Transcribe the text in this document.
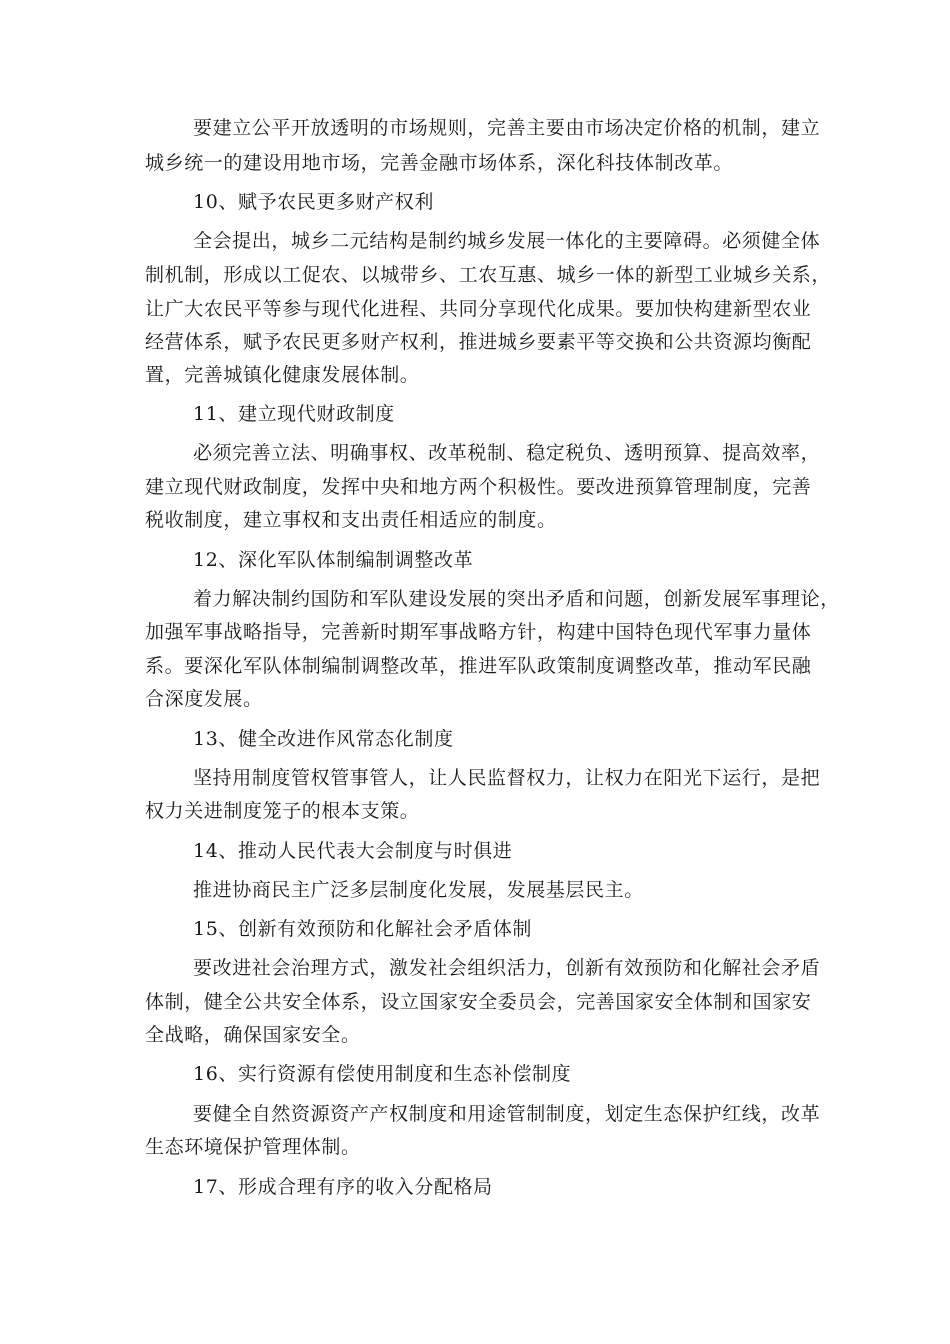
要建立公平开放透明的市场规则，完善主要由市场决定价格的机制，建立
城乡统一的建设用地市场，完善金融市场体系，深化科技体制改革。
10、赋予农民更多财产权利
全会提出，城乡二元结构是制约城乡发展一体化的主要障碍。必须健全体
制机制，形成以工促农、以城带乡、工农互惠、城乡一体的新型工业城乡关系，
让广大农民平等参与现代化进程、共同分享现代化成果。要加快构建新型农业
经营体系，赋予农民更多财产权利，推进城乡要素平等交换和公共资源均衡配
置，完善城镇化健康发展体制。
11、建立现代财政制度
必须完善立法、明确事权、改革税制、稳定税负、透明预算、提高效率，
建立现代财政制度，发挥中央和地方两个积极性。要改进预算管理制度，完善
税收制度，建立事权和支出责任相适应的制度。
12、深化军队体制编制调整改革
着力解决制约国防和军队建设发展的突出矛盾和问题，创新发展军事理论，
加强军事战略指导，完善新时期军事战略方针，构建中国特色现代军事力量体
系。要深化军队体制编制调整改革，推进军队政策制度调整改革，推动军民融
合深度发展。
13、健全改进作风常态化制度
坚持用制度管权管事管人，让人民监督权力，让权力在阳光下运行，是把
权力关进制度笼子的根本支策。
14、推动人民代表大会制度与时俱进
推进协商民主广泛多层制度化发展，发展基层民主。
15、创新有效预防和化解社会矛盾体制
要改进社会治理方式，激发社会组织活力，创新有效预防和化解社会矛盾
体制，健全公共安全体系，设立国家安全委员会，完善国家安全体制和国家安
全战略，确保国家安全。
16、实行资源有偿使用制度和生态补偿制度
要健全自然资源资产产权制度和用途管制制度，划定生态保护红线，改革
生态环境保护管理体制。
17、形成合理有序的收入分配格局
